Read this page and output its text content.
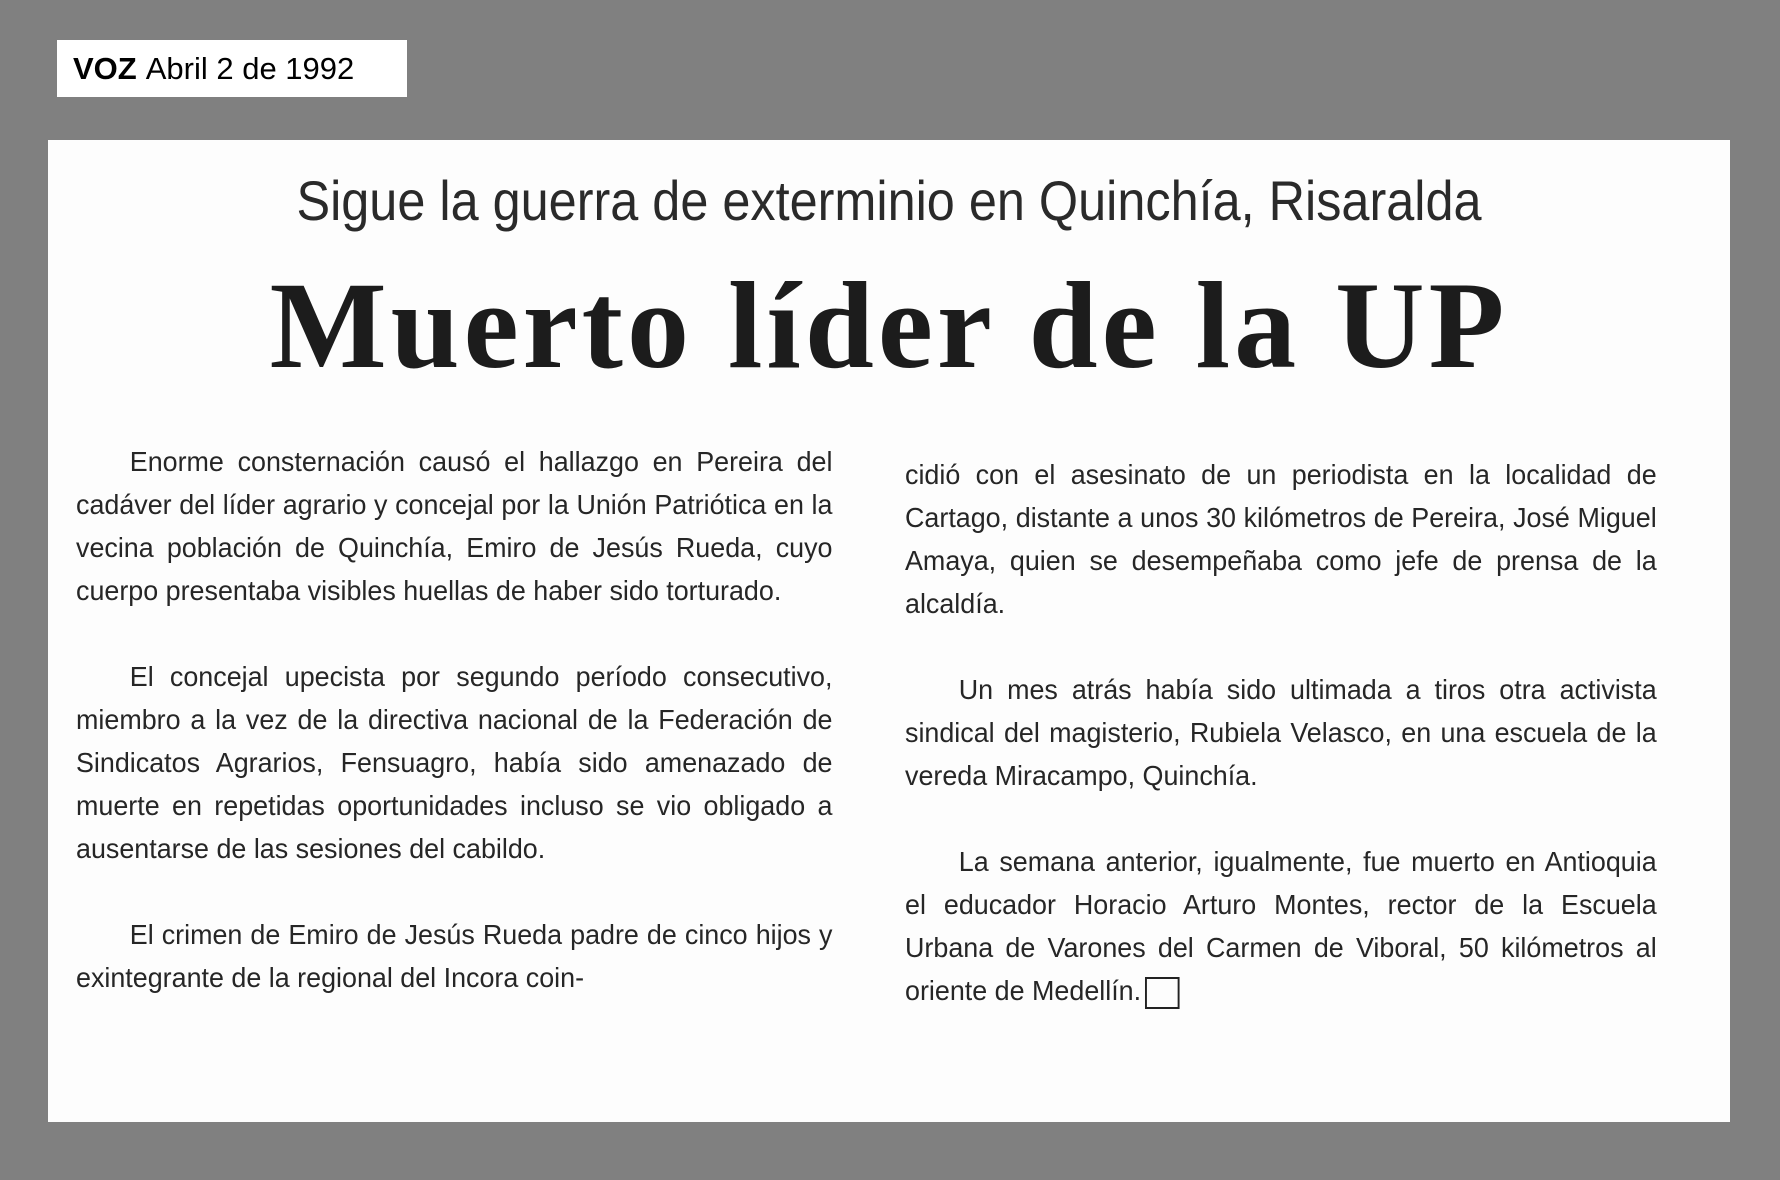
VOZ Abril 2 de 1992
Sigue la guerra de exterminio en Quinchía, Risaralda
Muerto líder de la UP

Enorme consternación causó el hallazgo en Pereira del cadáver del líder agrario y concejal por la Unión Patriótica en la vecina población de Quinchía, Emiro de Jesús Rueda, cuyo cuerpo presentaba visibles huellas de haber sido torturado.

El concejal upecista por segundo período consecutivo, miembro a la vez de la directiva nacional de la Federación de Sindicatos Agrarios, Fensuagro, había sido amenazado de muerte en repetidas oportunidades incluso se vio obligado a ausentarse de las sesiones del cabildo.

El crimen de Emiro de Jesús Rueda padre de cinco hijos y exintegrante de la regional del Incora coin-

cidió con el asesinato de un periodista en la localidad de Cartago, distante a unos 30 kilómetros de Pereira, José Miguel Amaya, quien se desempeñaba como jefe de prensa de la alcaldía.

Un mes atrás había sido ultimada a tiros otra activista sindical del magisterio, Rubiela Velasco, en una escuela de la vereda Miracampo, Quinchía.

La semana anterior, igualmente, fue muerto en Antioquia el educador Horacio Arturo Montes, rector de la Escuela Urbana de Varones del Carmen de Viboral, 50 kilómetros al oriente de Medellín.
